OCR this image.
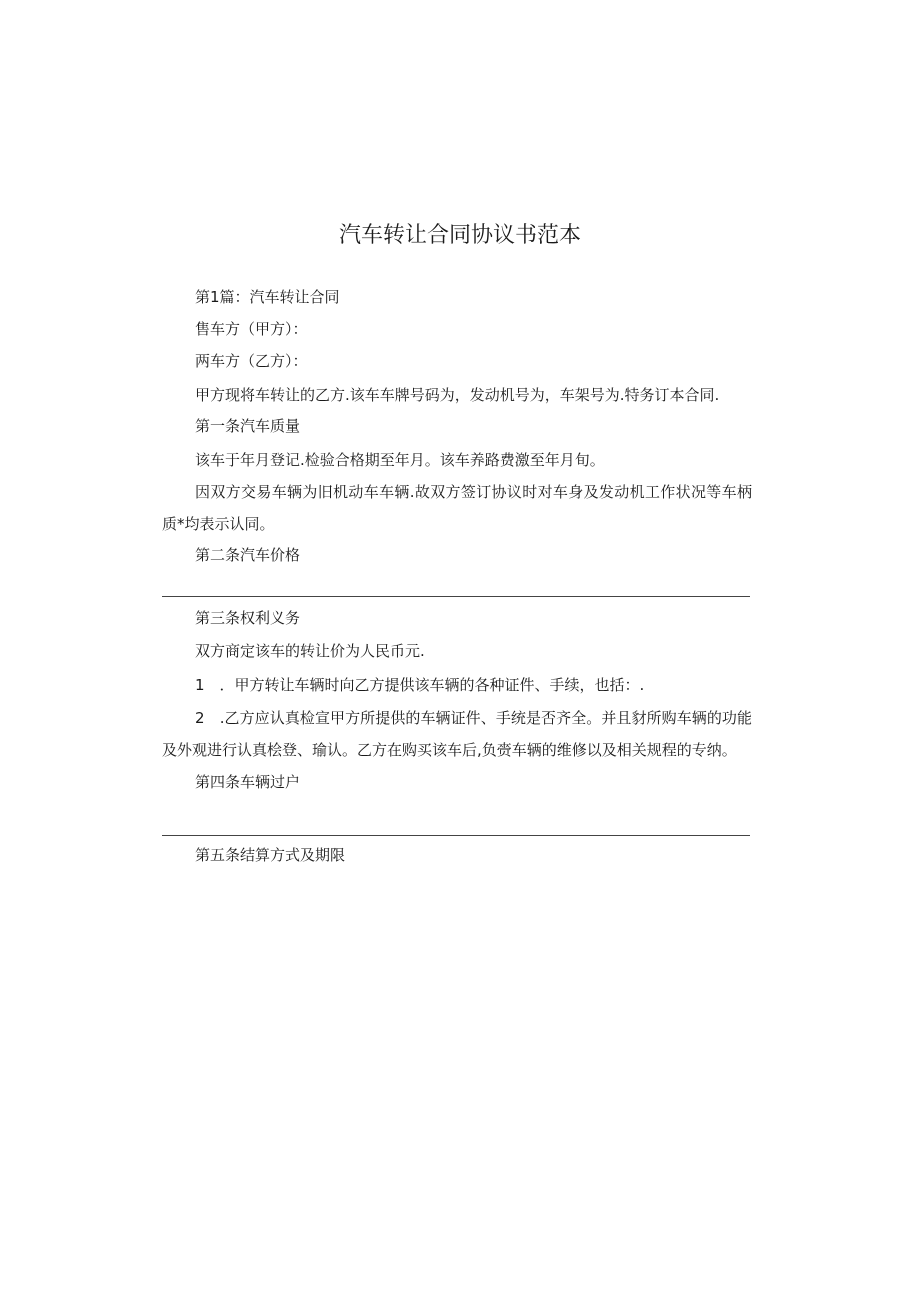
汽车转让合同协议书范本
第1篇：汽车转让合同
售车方（甲方）：
两车方（乙方）：
甲方现将车转让的乙方.该车车牌号码为，发动机号为，车架号为.特务订本合同.
第一条汽车质量
该车于年月登记.检验合格期至年月。该车养路费激至年月旬。
因双方交易车辆为旧机动车车辆.故双方签订协议时对车身及发动机工作状况等车柄质*均表示认同。
第二条汽车价格
第三条权利义务
双方商定该车的转让价为人民币元.
1　．甲方转让车辆时向乙方提供该车辆的各种证件、手续，也括：.
2　.乙方应认真检宣甲方所提供的车辆证件、手统是否齐全。并且豺所购车辆的功能及外观进行认真桧登、瑜认。乙方在购买该车后,负赍车辆的维修以及相关规程的专纳。
第四条车辆过户
第五条结算方式及期限
